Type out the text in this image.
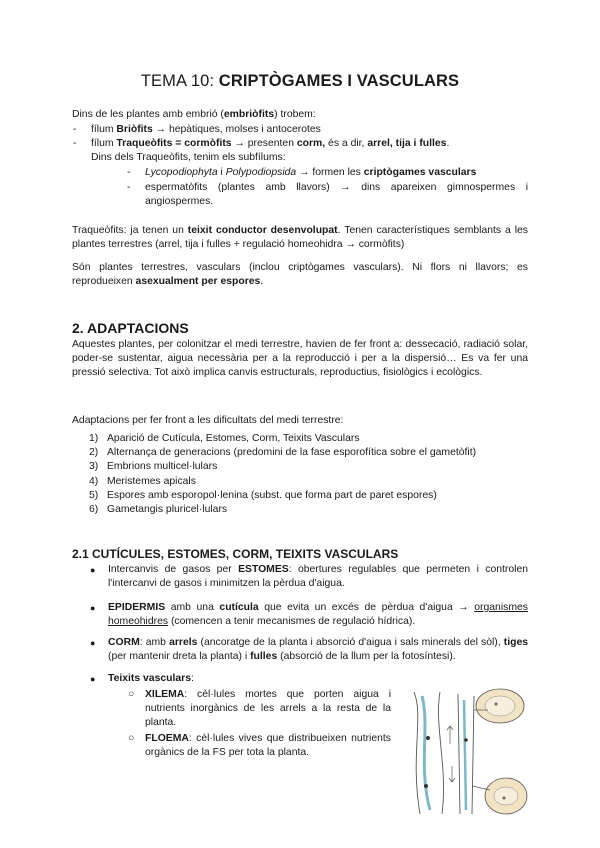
TEMA 10: CRIPTÒGAMES I VASCULARS
Dins de les plantes amb embrió (embriòfits) trobem:
- fílum Briòfits → hepàtiques, molses i antocerotes
- fílum Traqueòfits = cormòfits → presenten corm, és a dir, arrel, tija i fulles.
Dins dels Traqueòfits, tenim els subfílums:
- Lycopodiophyta i Polypodiopsida → formen les criptògames vasculars
- espermatòfits (plantes amb llavors) → dins apareixen gimnospermes i angiospermes.
Traqueòfits: ja tenen un teixit conductor desenvolupat. Tenen característiques semblants a les plantes terrestres (arrel, tija i fulles + regulació homeohidra → cormòfits)
Són plantes terrestres, vasculars (inclou criptògames vasculars). Ni flors ni llavors; es reprodueixen asexualment per espores.
2. ADAPTACIONS
Aquestes plantes, per colonitzar el medi terrestre, havien de fer front a: dessecació, radiació solar, poder-se sustentar, aigua necessària per a la reproducció i per a la dispersió… Es va fer una pressió selectiva. Tot això implica canvis estructurals, reproductius, fisiològics i ecològics.
Adaptacions per fer front a les dificultats del medi terrestre:
1) Aparició de Cutícula, Estomes, Corm, Teixits Vasculars
2) Alternança de generacions (predomini de la fase esporofítica sobre el gametòfit)
3) Embrions multicel·lulars
4) Meristemes apicals
5) Espores amb esporopol·lenina (subst. que forma part de paret espores)
6) Gametangis pluricel·lulars
2.1 CUTÍCULES, ESTOMES, CORM, TEIXITS VASCULARS
● Intercanvis de gasos per ESTOMES: obertures regulables que permeten i controlen l'intercanvi de gasos i minimitzen la pèrdua d'aigua.
● EPIDERMIS amb una cutícula que evita un excés de pèrdua d'aigua → organismes homeohidres (comencen a tenir mecanismes de regulació hídrica).
● CORM: amb arrels (ancoratge de la planta i absorció d'aigua i sals minerals del sòl), tiges (per mantenir dreta la planta) i fulles (absorció de la llum per la fotosíntesi).
● Teixits vasculars:
○ XILEMA: cèl·lules mortes que porten aigua i nutrients inorgànics de les arrels a la resta de la planta.
○ FLOEMA: cèl·lules vives que distribueixen nutrients orgànics de la FS per tota la planta.
